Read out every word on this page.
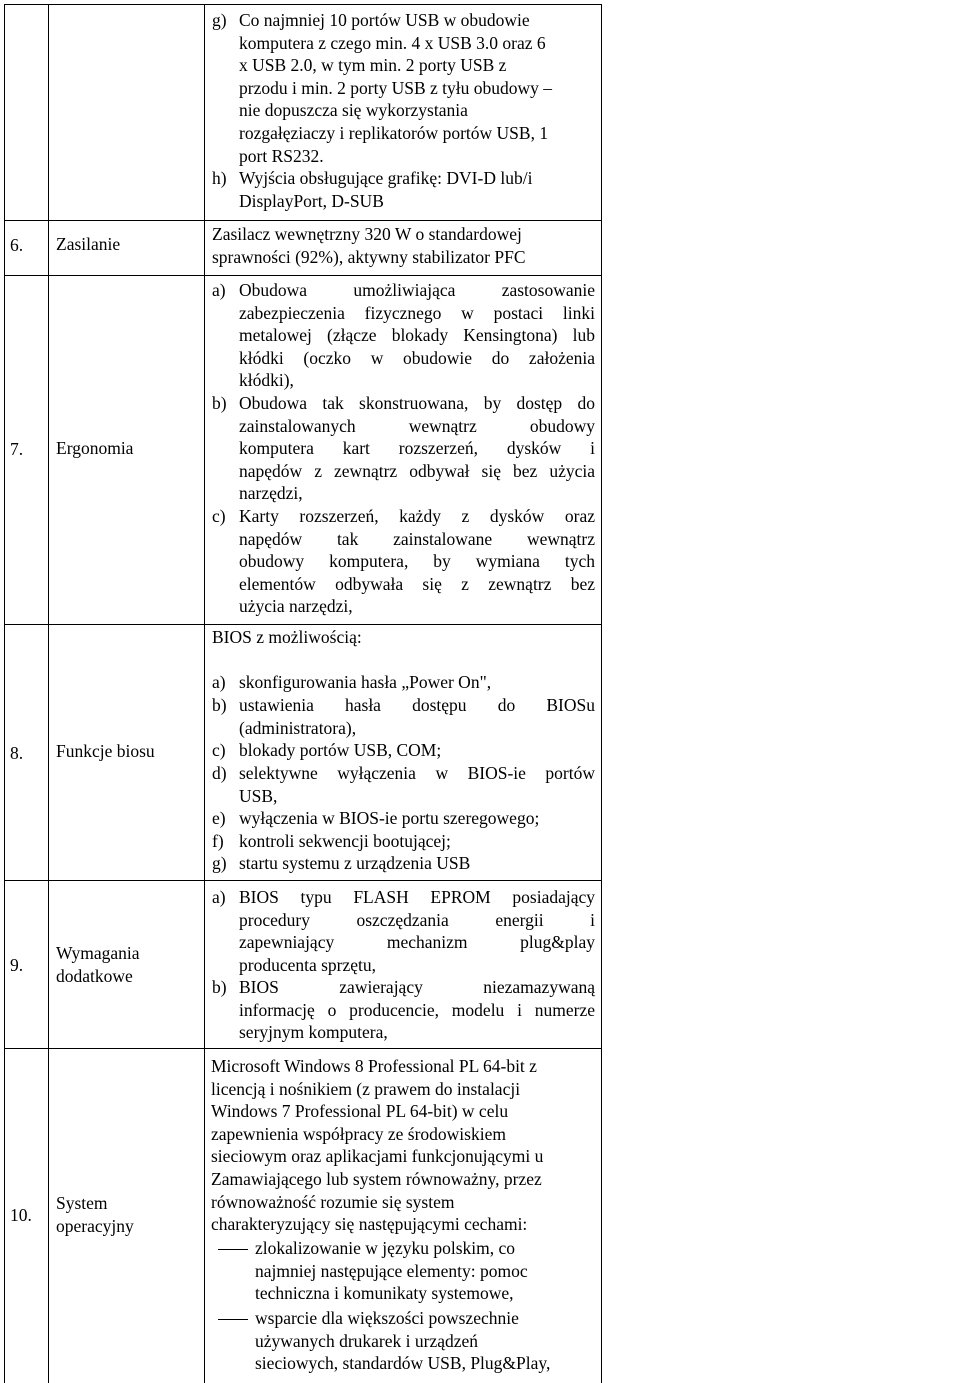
g) Co najmniej 10 portów USB w obudowie
komputera z czego min. 4 x USB 3.0 oraz 6
x USB 2.0, w tym min. 2 porty USB z
przodu i min. 2 porty USB z tyłu obudowy –
nie dopuszcza się wykorzystania
rozgałęziaczy i replikatorów portów USB, 1
port RS232.
h) Wyjścia obsługujące grafikę: DVI-D lub/i
DisplayPort, D-SUB
6. Zasilanie	Zasilacz wewnętrzny 320 W o standardowej
sprawności (92%), aktywny stabilizator PFC
7. Ergonomia
a) Obudowa umożliwiająca zastosowanie
zabezpieczenia fizycznego w postaci linki
metalowej (złącze blokady Kensingtona) lub
kłódki (oczko w obudowie do założenia
kłódki),
b) Obudowa tak skonstruowana, by dostęp do
zainstalowanych wewnątrz obudowy
komputera kart rozszerzeń, dysków i
napędów z zewnątrz odbywał się bez użycia
narzędzi,
c) Karty rozszerzeń, każdy z dysków oraz
napędów tak zainstalowane wewnątrz
obudowy komputera, by wymiana tych
elementów odbywała się z zewnątrz bez
użycia narzędzi,
8. Funkcje biosu
BIOS z możliwością:
a) skonfigurowania hasła „Power On",
b) ustawienia hasła dostępu do BIOSu
(administratora),
c) blokady portów USB, COM;
d) selektywne wyłączenia w BIOS-ie portów
USB,
e) wyłączenia w BIOS-ie portu szeregowego;
f) kontroli sekwencji bootującej;
g) startu systemu z urządzenia USB
9.
Wymagania
dodatkowe
a) BIOS typu FLASH EPROM posiadający
procedury oszczędzania energii i
zapewniający mechanizm plug&play
producenta sprzętu,
b) BIOS zawierający niezamazywaną
informację o producencie, modelu i numerze
seryjnym komputera,
10.
System
operacyjny
Microsoft Windows 8 Professional PL 64-bit z
licencją i nośnikiem (z prawem do instalacji
Windows 7 Professional PL 64-bit) w celu
zapewnienia współpracy ze środowiskiem
sieciowym oraz aplikacjami funkcjonującymi u
Zamawiającego lub system równoważny, przez
równoważność rozumie się system
charakteryzujący się następującymi cechami:
zlokalizowanie w języku polskim, co
najmniej następujące elementy: pomoc
techniczna i komunikaty systemowe,
wsparcie dla większości powszechnie
używanych drukarek i urządzeń
sieciowych, standardów USB, Plug&Play,
